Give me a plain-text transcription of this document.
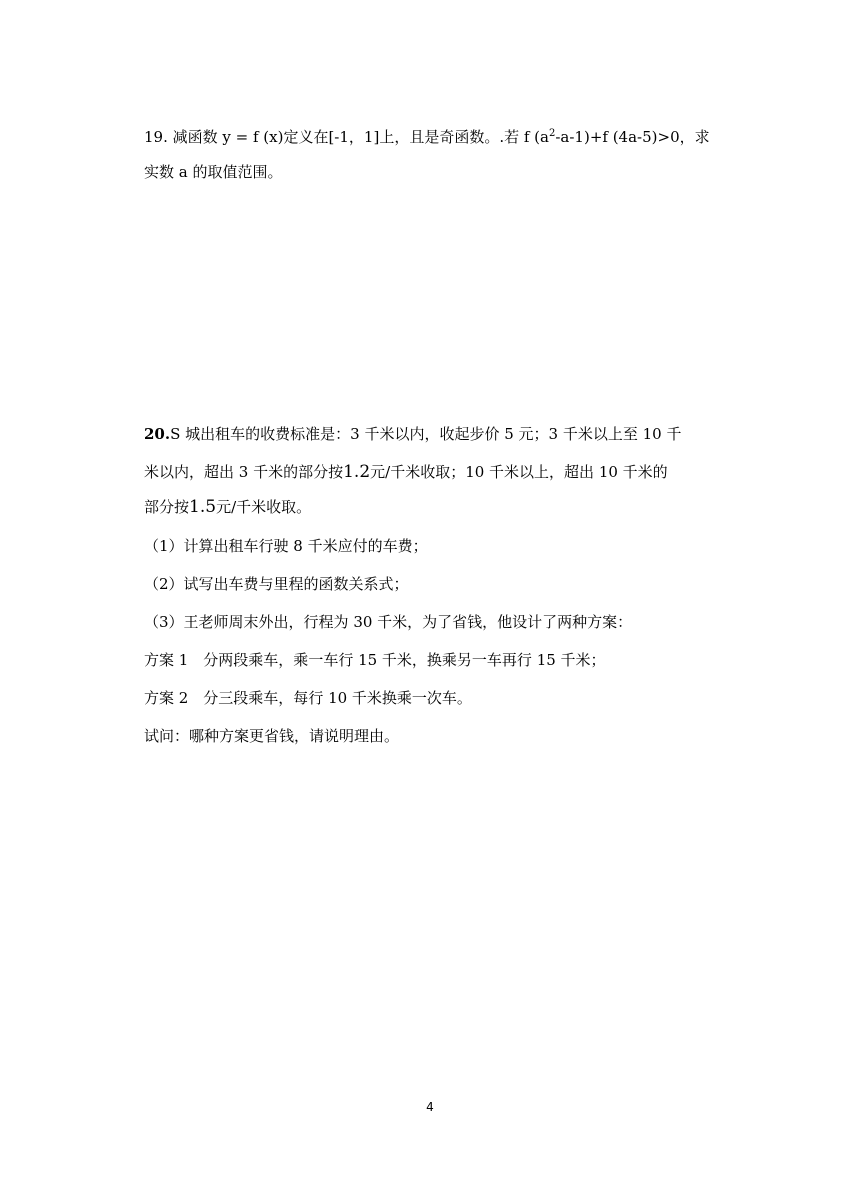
19. 减函数 y = f (x)定义在[-1，1]上，且是奇函数。.若 f $(a^2-a-1)+f$ (4a-5)>0，求
实数 a 的取值范围。
20.S 城出租车的收费标准是：3 千米以内，收起步价 5 元；3 千米以上至 10 千
米以内，超出 3 千米的部分按1.2元/千米收取；10 千米以上，超出 10 千米的
部分按1.5元/千米收取。
（1）计算出租车行驶 8 千米应付的车费；
（2）试写出车费与里程的函数关系式；
（3）王老师周末外出，行程为 30 千米，为了省钱，他设计了两种方案：
方案 1　分两段乘车，乘一车行 15 千米，换乘另一车再行 15 千米；
方案 2　分三段乘车，每行 10 千米换乘一次车。
试问：哪种方案更省钱，请说明理由。
4
